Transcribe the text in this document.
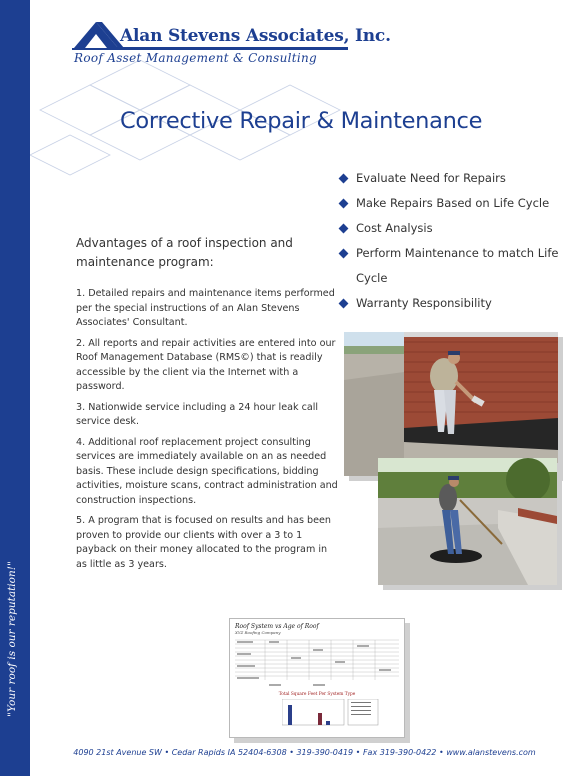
"Your roof is our reputation!"
Alan Stevens Associates, Inc.
Roof Asset Management & Consulting
Corrective Repair & Maintenance
Evaluate Need for Repairs
Make Repairs Based on Life Cycle
Cost Analysis
Perform Maintenance to match Life Cycle
Warranty Responsibility
Advantages of a roof inspection and maintenance program:

1. Detailed repairs and maintenance items performed per the special instructions of an Alan Stevens Associates' Consultant.

2. All reports and repair activities are entered into our Roof Management Database (RMS©) that is readily accessible by the client via the Internet with a password.

3. Nationwide service including a 24 hour leak call service desk.

4. Additional roof replacement project consulting services are immediately available on an as needed basis. These include design specifications, bidding activities, moisture scans, contract administration and construction inspections.

5. A program that is focused on results and has been proven to provide our clients with over a 3 to 1 payback on their money allocated to the program in as little as 3 years.

Roof System vs Age of Roof
XYZ Roofing Company
Total Square Feet Per System Type
4090 21st Avenue SW • Cedar Rapids IA 52404-6308 • 319-390-0419 • Fax 319-390-0422 • www.alanstevens.com
